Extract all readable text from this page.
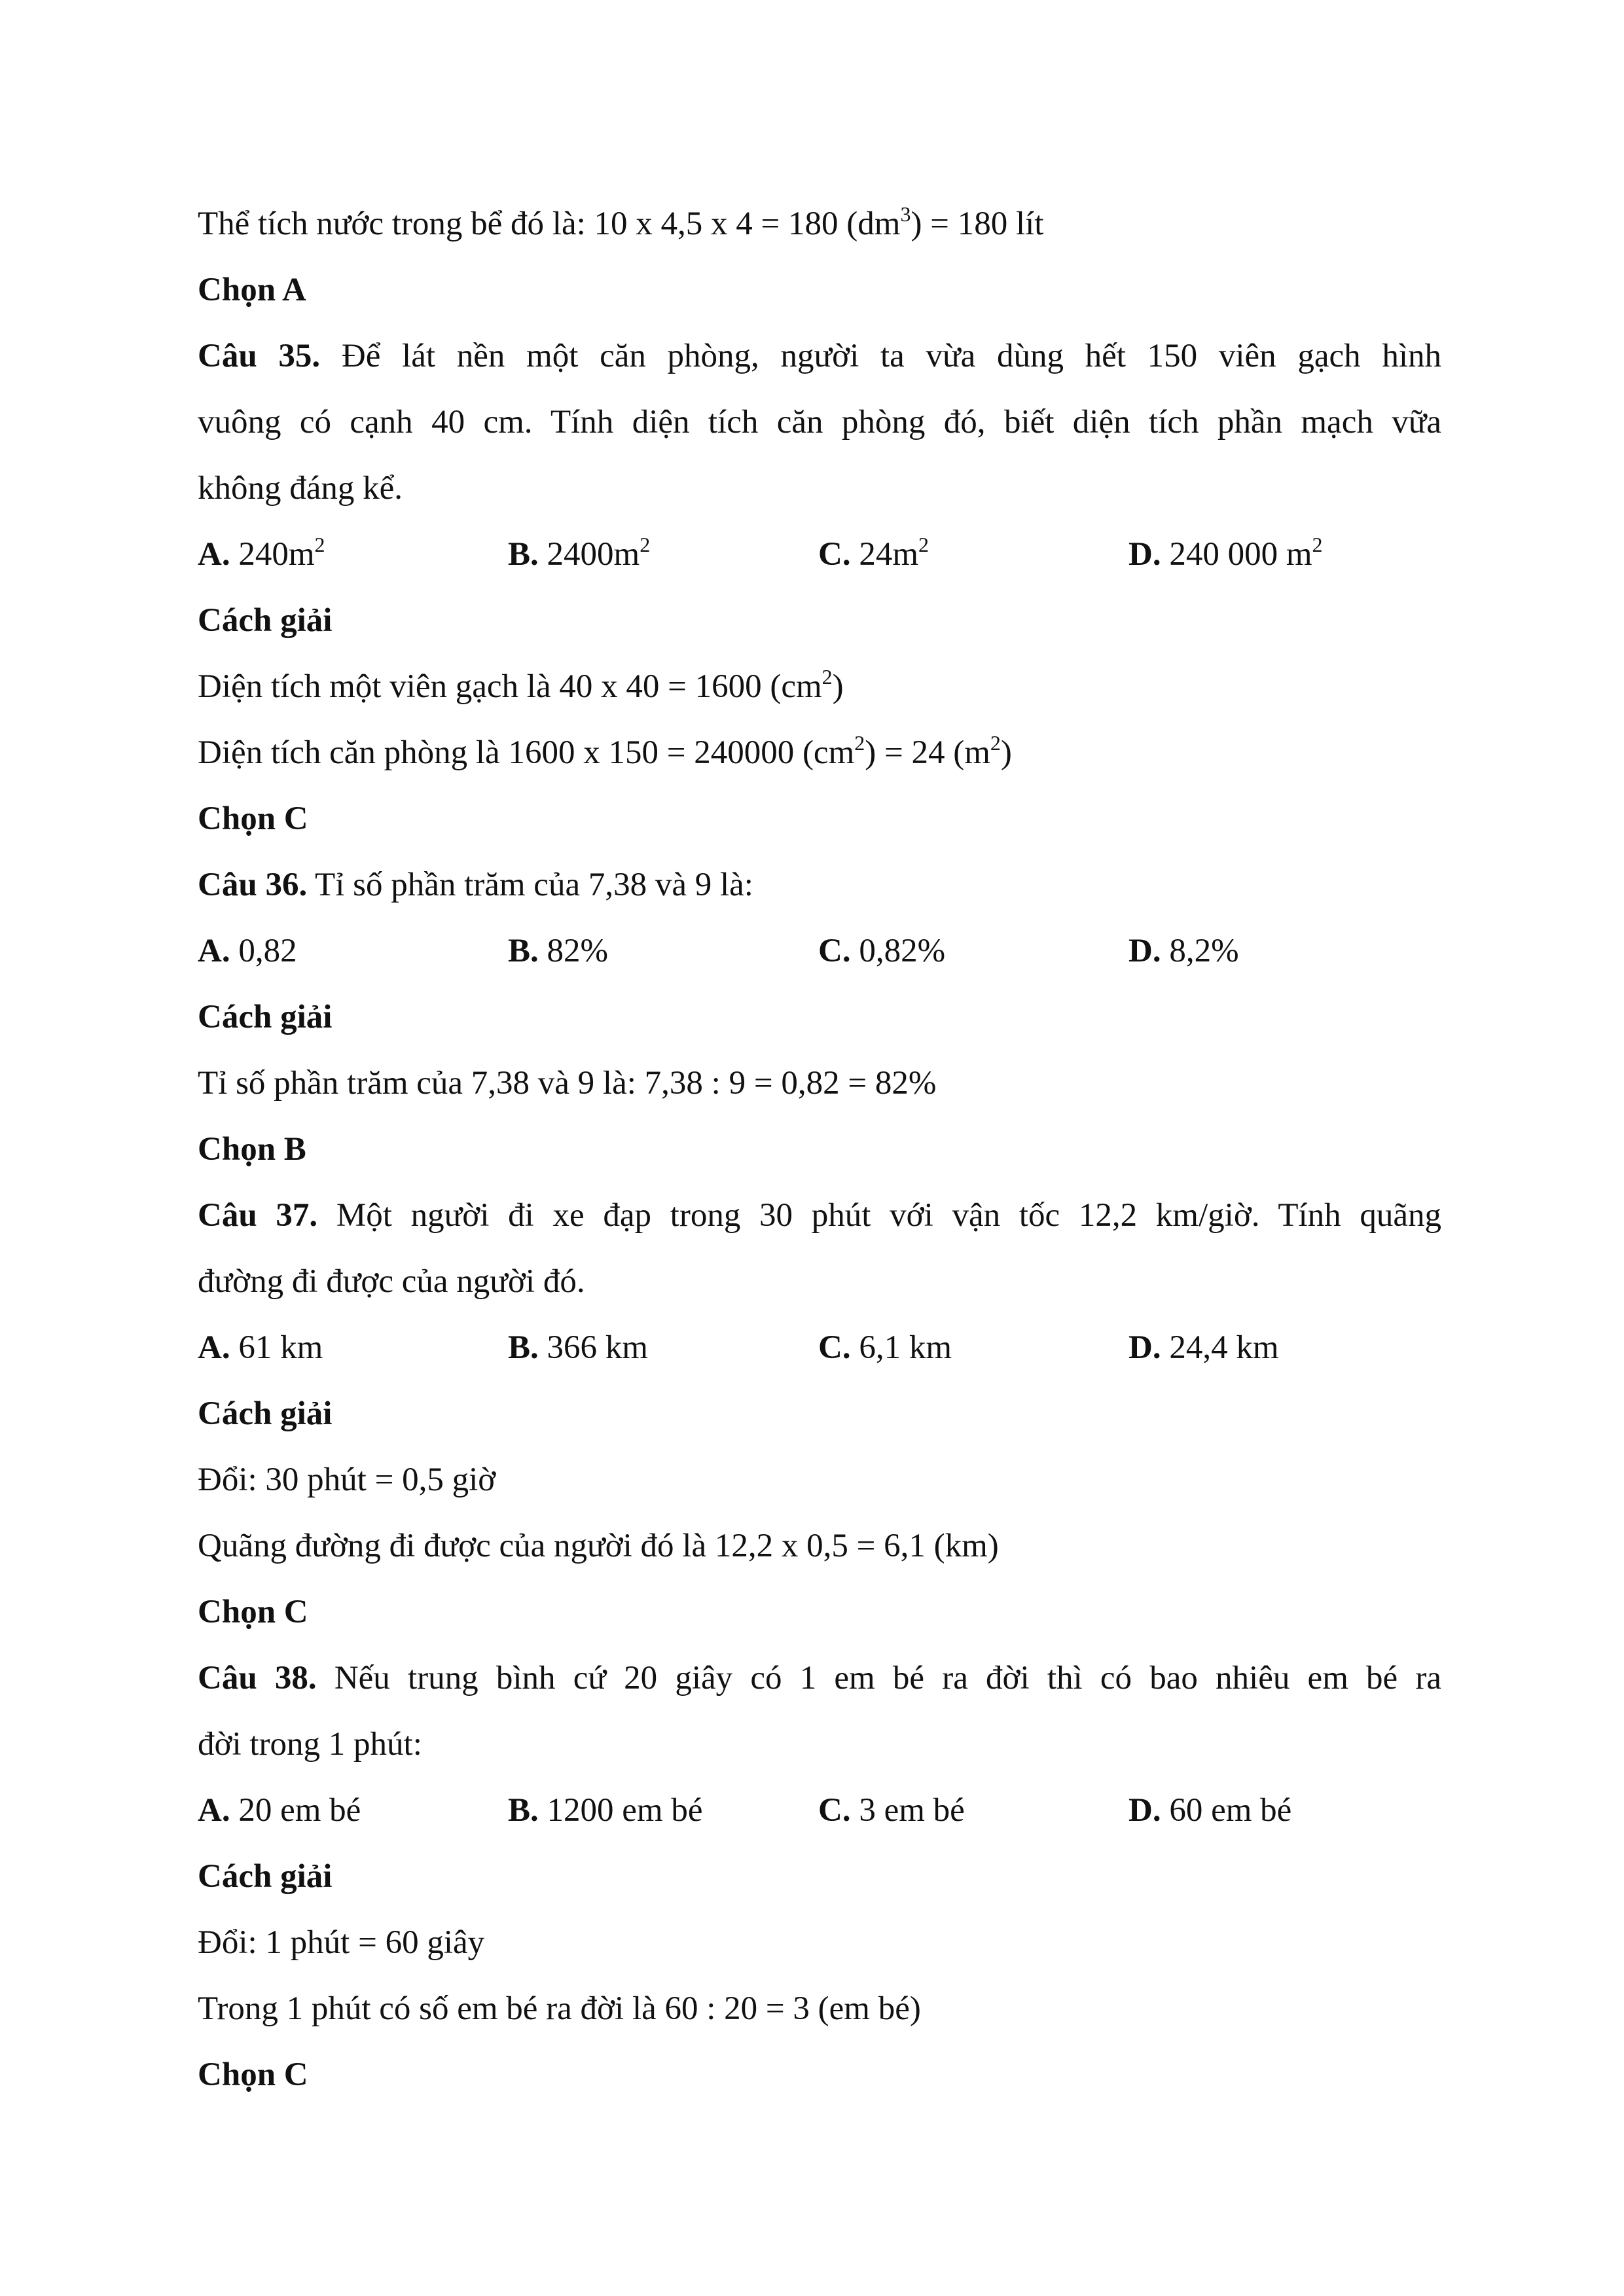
Thể tích nước trong bể đó là: 10 x 4,5 x 4 = 180 $(dm^3) = 180$ lít
Chọn A
Câu 35. Để lát nền một căn phòng, người ta vừa dùng hết 150 viên gạch hình
vuông có cạnh 40 cm. Tính diện tích căn phòng đó, biết diện tích phần mạch vữa
không đáng kể.
A. $240m^2$	B. $2400m^2$	C. $24m^2$	D. 240 000 $m^2$
Cách giải
Diện tích một viên gạch là 40 x 40 = 1600 $(cm^2)$
Diện tích căn phòng là 1600 x 150 = 240000 $(cm^2) = 24$ $(m^2)$
Chọn C
Câu 36. Tỉ số phần trăm của 7,38 và 9 là:
A. 0,82	B. 82%	C. 0,82%	D. 8,2%
Cách giải
Tỉ số phần trăm của 7,38 và 9 là: 7,38 : 9 = 0,82 = 82%
Chọn B
Câu 37. Một người đi xe đạp trong 30 phút với vận tốc 12,2 km/giờ. Tính quãng
đường đi được của người đó.
A. 61 km	B. 366 km	C. 6,1 km	D. 24,4 km
Cách giải
Đổi: 30 phút = 0,5 giờ
Quãng đường đi được của người đó là 12,2 x 0,5 = 6,1 (km)
Chọn C
Câu 38. Nếu trung bình cứ 20 giây có 1 em bé ra đời thì có bao nhiêu em bé ra
đời trong 1 phút:
A. 20 em bé	B. 1200 em bé	C. 3 em bé	D. 60 em bé
Cách giải
Đổi: 1 phút = 60 giây
Trong 1 phút có số em bé ra đời là 60 : 20 = 3 (em bé)
Chọn C
